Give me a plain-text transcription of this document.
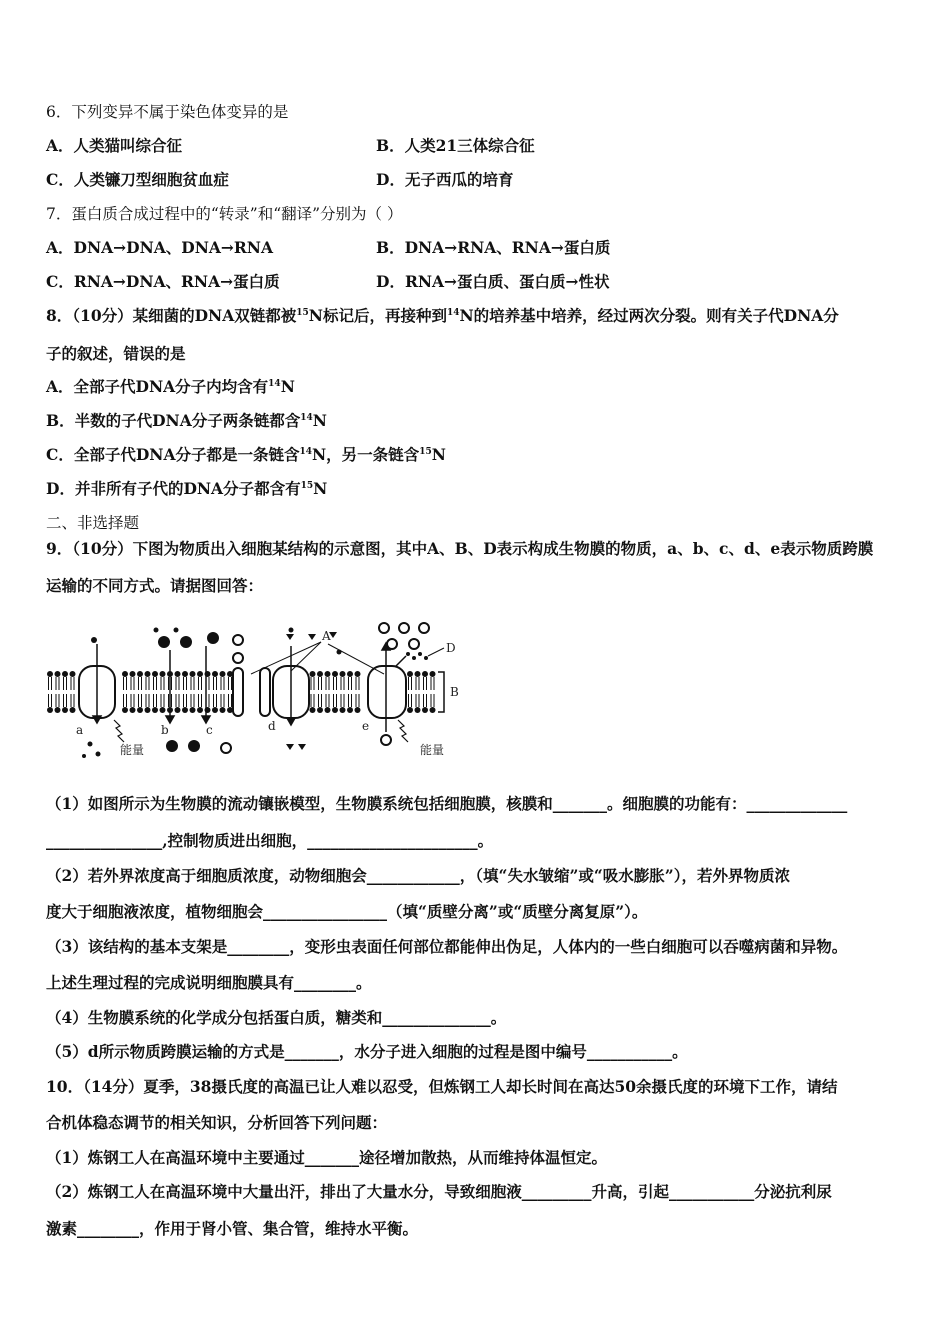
6．下列变异不属于染色体变异的是
A．人类猫叫综合征	B．人类21三体综合征
C．人类镰刀型细胞贫血症	D．无子西瓜的培育
7．蛋白质合成过程中的“转录”和“翻译”分别为（ ）
A．DNA→DNA、DNA→RNA	B．DNA→RNA、RNA→蛋白质
C．RNA→DNA、RNA→蛋白质	D．RNA→蛋白质、蛋白质→性状
8．（10分）某细菌的DNA双链都被$^{15}$N标记后，再接种到$^{14}$N的培养基中培养，经过两次分裂。则有关子代DNA分
子的叙述，错误的是
A．全部子代DNA分子内均含有$^{14}$N
B．半数的子代DNA分子两条链都含$^{14}$N
C．全部子代DNA分子都是一条链含$^{14}$N，另一条链含$^{15}$N
D．并非所有子代的DNA分子都含有$^{15}$N
二、非选择题
9．（10分）下图为物质出入细胞某结构的示意图，其中A、B、D表示构成生物膜的物质，a、b、c、d、e表示物质跨膜
运输的不同方式。请据图回答：
a	b	c	d	e
A
B
D
能量	能量
（1）如图所示为生物膜的流动镶嵌模型，生物膜系统包括细胞膜，核膜和_______。细胞膜的功能有：_____________
_______________,控制物质进出细胞，______________________。
（2）若外界浓度高于细胞质浓度，动物细胞会____________，（填“失水皱缩”或“吸水膨胀”），若外界物质浓
度大于细胞液浓度，植物细胞会________________（填“质壁分离”或“质壁分离复原”）。
（3）该结构的基本支架是________，变形虫表面任何部位都能伸出伪足，人体内的一些白细胞可以吞噬病菌和异物。
上述生理过程的完成说明细胞膜具有________。
（4）生物膜系统的化学成分包括蛋白质，糖类和______________。
（5）d所示物质跨膜运输的方式是_______，水分子进入细胞的过程是图中编号___________。
10．（14分）夏季，38摄氏度的高温已让人难以忍受，但炼钢工人却长时间在高达50余摄氏度的环境下工作，请结
合机体稳态调节的相关知识，分析回答下列问题：
（1）炼钢工人在高温环境中主要通过_______途径增加散热，从而维持体温恒定。
（2）炼钢工人在高温环境中大量出汗，排出了大量水分，导致细胞液_________升高，引起___________分泌抗利尿
激素________，作用于肾小管、集合管，维持水平衡。
